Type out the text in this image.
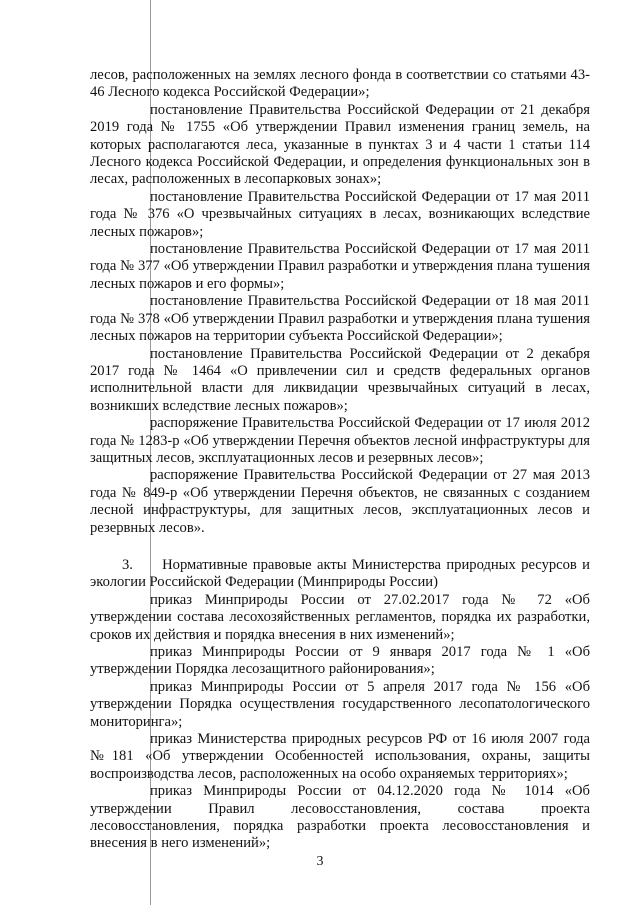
лесов, расположенных на землях лесного фонда в соответствии со статьями 43-46 Лесного кодекса Российской Федерации»;

постановление Правительства Российской Федерации от 21 декабря 2019 года № 1755 «Об утверждении Правил изменения границ земель, на которых располагаются леса, указанные в пунктах 3 и 4 части 1 статьи 114 Лесного кодекса Российской Федерации, и определения функциональных зон в лесах, расположенных в лесопарковых зонах»;

постановление Правительства Российской Федерации от 17 мая 2011 года № 376 «О чрезвычайных ситуациях в лесах, возникающих вследствие лесных пожаров»;

постановление Правительства Российской Федерации от 17 мая 2011 года № 377 «Об утверждении Правил разработки и утверждения плана тушения лесных пожаров и его формы»;

постановление Правительства Российской Федерации от 18 мая 2011 года № 378 «Об утверждении Правил разработки и утверждения плана тушения лесных пожаров на территории субъекта Российской Федерации»;

постановление Правительства Российской Федерации от 2 декабря 2017 года № 1464 «О привлечении сил и средств федеральных органов исполнительной власти для ликвидации чрезвычайных ситуаций в лесах, возникших вследствие лесных пожаров»;

распоряжение Правительства Российской Федерации от 17 июля 2012 года № 1283-р «Об утверждении Перечня объектов лесной инфраструктуры для защитных лесов, эксплуатационных лесов и резервных лесов»;

распоряжение Правительства Российской Федерации от 27 мая 2013 года № 849-р «Об утверждении Перечня объектов, не связанных с созданием лесной инфраструктуры, для защитных лесов, эксплуатационных лесов и резервных лесов».

3.  Нормативные правовые акты Министерства природных ресурсов и экологии Российской Федерации (Минприроды России)

приказ Минприроды России от 27.02.2017 года № 72 «Об утверждении состава лесохозяйственных регламентов, порядка их разработки, сроков их действия и порядка внесения в них изменений»;

приказ Минприроды России от 9 января 2017 года № 1 «Об утверждении Порядка лесозащитного районирования»;

приказ Минприроды России от 5 апреля 2017 года № 156 «Об утверждении Порядка осуществления государственного лесопатологического мониторинга»;

приказ Министерства природных ресурсов РФ от 16 июля 2007 года №181 «Об утверждении Особенностей использования, охраны, защиты воспроизводства лесов, расположенных на особо охраняемых территориях»;

приказ Минприроды России от 04.12.2020 года № 1014 «Об утверждении Правил лесовосстановления, состава проекта лесовосстановления, порядка разработки проекта лесовосстановления и внесения в него изменений»;

3
